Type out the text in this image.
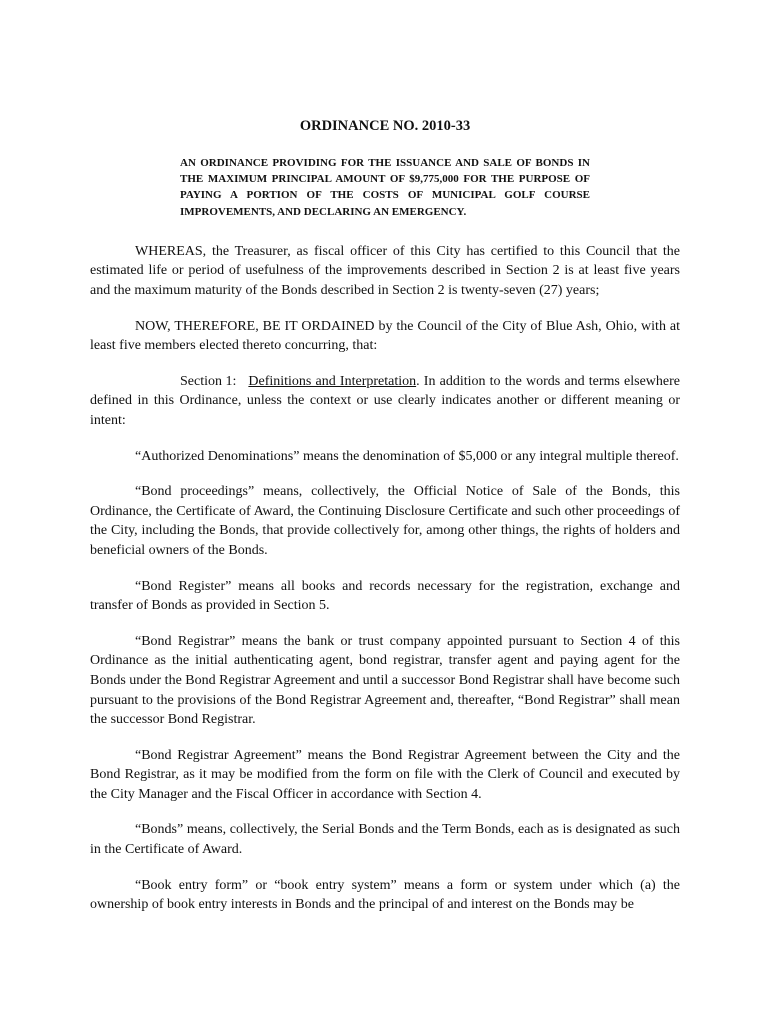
ORDINANCE NO. 2010-33
AN ORDINANCE PROVIDING FOR THE ISSUANCE AND SALE OF BONDS IN THE MAXIMUM PRINCIPAL AMOUNT OF $9,775,000 FOR THE PURPOSE OF PAYING A PORTION OF THE COSTS OF MUNICIPAL GOLF COURSE IMPROVEMENTS, AND DECLARING AN EMERGENCY.

WHEREAS, the Treasurer, as fiscal officer of this City has certified to this Council that the estimated life or period of usefulness of the improvements described in Section 2 is at least five years and the maximum maturity of the Bonds described in Section 2 is twenty-seven (27) years;

NOW, THEREFORE, BE IT ORDAINED by the Council of the City of Blue Ash, Ohio, with at least five members elected thereto concurring, that:

Section 1: Definitions and Interpretation. In addition to the words and terms elsewhere defined in this Ordinance, unless the context or use clearly indicates another or different meaning or intent:

“Authorized Denominations” means the denomination of $5,000 or any integral multiple thereof.

“Bond proceedings” means, collectively, the Official Notice of Sale of the Bonds, this Ordinance, the Certificate of Award, the Continuing Disclosure Certificate and such other proceedings of the City, including the Bonds, that provide collectively for, among other things, the rights of holders and beneficial owners of the Bonds.

“Bond Register” means all books and records necessary for the registration, exchange and transfer of Bonds as provided in Section 5.

“Bond Registrar” means the bank or trust company appointed pursuant to Section 4 of this Ordinance as the initial authenticating agent, bond registrar, transfer agent and paying agent for the Bonds under the Bond Registrar Agreement and until a successor Bond Registrar shall have become such pursuant to the provisions of the Bond Registrar Agreement and, thereafter, “Bond Registrar” shall mean the successor Bond Registrar.

“Bond Registrar Agreement” means the Bond Registrar Agreement between the City and the Bond Registrar, as it may be modified from the form on file with the Clerk of Council and executed by the City Manager and the Fiscal Officer in accordance with Section 4.

“Bonds” means, collectively, the Serial Bonds and the Term Bonds, each as is designated as such in the Certificate of Award.

“Book entry form” or “book entry system” means a form or system under which (a) the ownership of book entry interests in Bonds and the principal of and interest on the Bonds may be
